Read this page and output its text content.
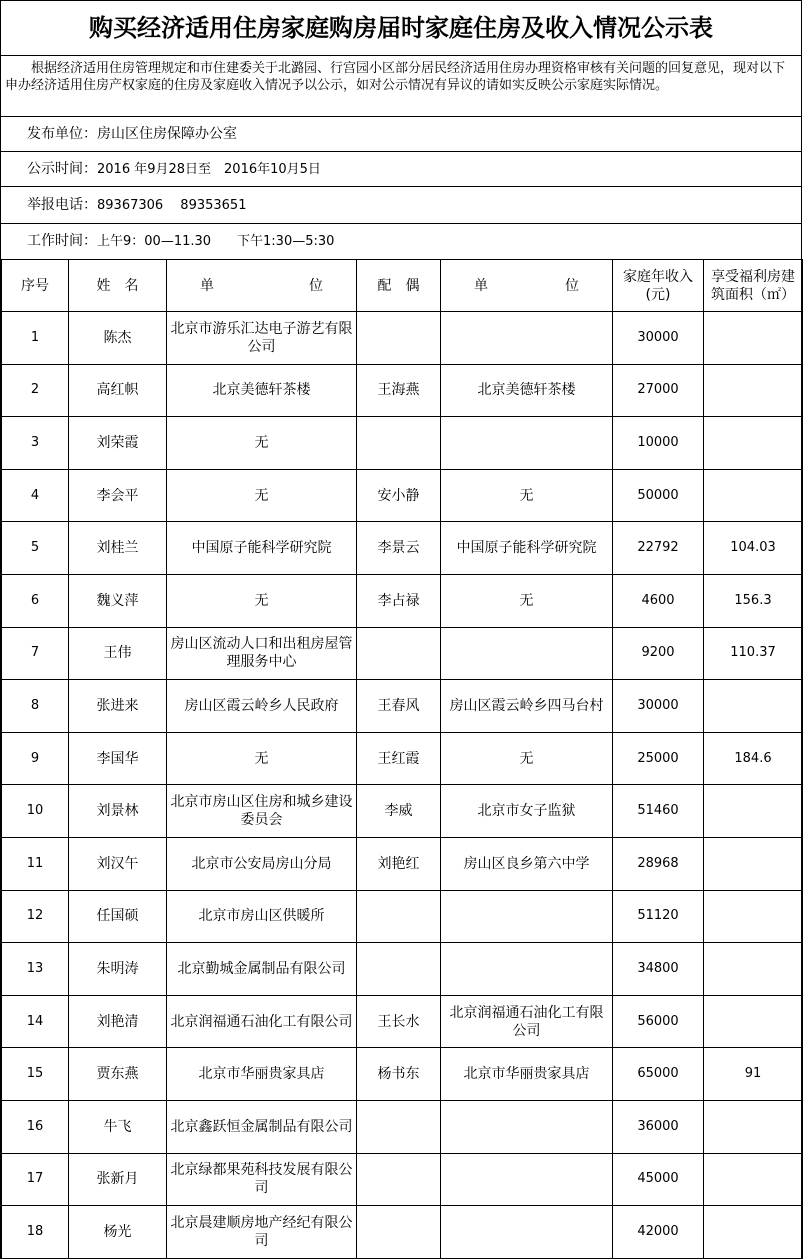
购买经济适用住房家庭购房届时家庭住房及收入情况公示表
根据经济适用住房管理规定和市住建委关于北潞园、行宫园小区部分居民经济适用住房办理资格审核有关问题的回复意见，现对以下申办经济适用住房产权家庭的住房及家庭收入情况予以公示，如对公示情况有异议的请如实反映公示家庭实际情况。
发布单位：房山区住房保障办公室
公示时间：2016 年9月28日至　2016年10月5日
举报电话：89367306　 89353651
工作时间：上午9：00—11.30　　下午1:30—5:30
序号	姓　名	单 位	配　偶	单 位	家庭年收入(元)	享受福利房建筑面积（㎡）
1	陈杰	北京市游乐汇达电子游艺有限公司			30000	
2	高红帜	北京美德轩茶楼	王海燕	北京美德轩茶楼	27000	
3	刘荣霞	无			10000	
4	李会平	无	安小静	无	50000	
5	刘桂兰	中国原子能科学研究院	李景云	中国原子能科学研究院	22792	104.03
6	魏义萍	无	李占禄	无	4600	156.3
7	王伟	房山区流动人口和出租房屋管理服务中心			9200	110.37
8	张进来	房山区霞云岭乡人民政府	王春风	房山区霞云岭乡四马台村	30000	
9	李国华	无	王红霞	无	25000	184.6
10	刘景林	北京市房山区住房和城乡建设委员会	李威	北京市女子监狱	51460	
11	刘汉午	北京市公安局房山分局	刘艳红	房山区良乡第六中学	28968	
12	任国硕	北京市房山区供暖所			51120	
13	朱明涛	北京勤城金属制品有限公司			34800	
14	刘艳清	北京润福通石油化工有限公司	王长水	北京润福通石油化工有限公司	56000	
15	贾东燕	北京市华丽贵家具店	杨书东	北京市华丽贵家具店	65000	91
16	牛飞	北京鑫跃恒金属制品有限公司			36000	
17	张新月	北京绿都果苑科技发展有限公司			45000	
18	杨光	北京晨建顺房地产经纪有限公司			42000	
